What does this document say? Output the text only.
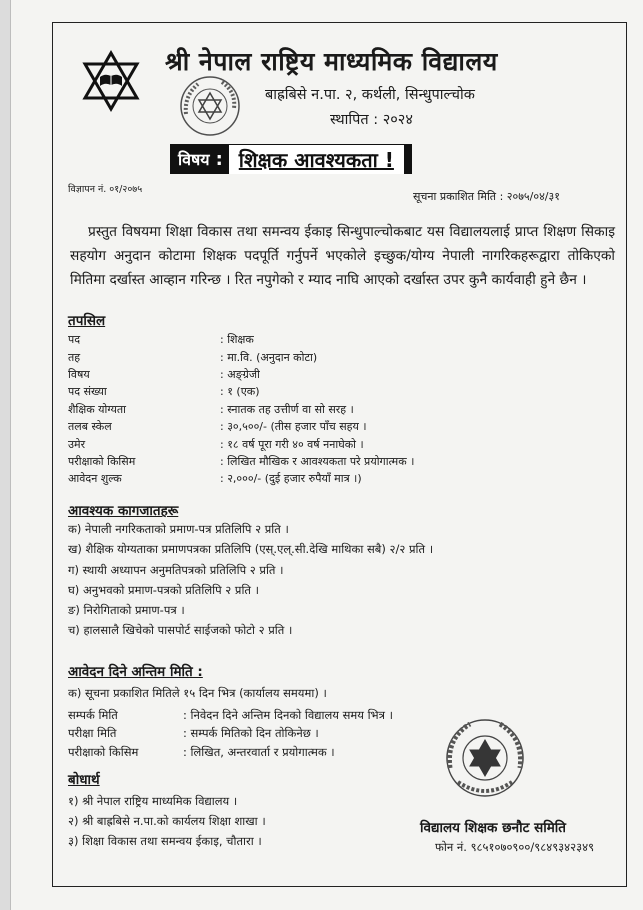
श्री नेपाल राष्ट्रिय माध्यमिक विद्यालय
बाह्रबिसे न.पा. २, कर्थली, सिन्धुपाल्चोक
स्थापित : २०२४
विषय : शिक्षक आवश्यकता !
विज्ञापन नं. ०१/२०७५
सूचना प्रकाशित मिति : २०७५/०४/३१
प्रस्तुत विषयमा शिक्षा विकास तथा समन्वय ईकाइ सिन्धुपाल्चोकबाट यस विद्यालयलाई प्राप्त शिक्षण सिकाइ सहयोग अनुदान कोटामा शिक्षक पदपूर्ति गर्नुपर्ने भएकोले इच्छुक/योग्य नेपाली नागरिकहरूद्वारा तोकिएको मितिमा दर्खास्त आव्हान गरिन्छ । रित नपुगेको र म्याद नाघि आएको दर्खास्त उपर कुनै कार्यवाही हुने छैन ।
तपसिल
पद	: शिक्षक
तह	: मा.वि. (अनुदान कोटा)
विषय	: अङ्ग्रेजी
पद संख्या	: १ (एक)
शैक्षिक योग्यता	: स्नातक तह उत्तीर्ण वा सो सरह ।
तलब स्केल	: ३०,५००/- (तीस हजार पाँच सहय ।
उमेर	: १८ वर्ष पूरा गरी ४० वर्ष ननाघेको ।
परीक्षाको किसिम	: लिखित मौखिक र आवश्यकता परे प्रयोगात्मक ।
आवेदन शुल्क	: २,०००/- (दुई हजार रुपैयाँ मात्र ।)
आवश्यक कागजातहरू
क) नेपाली नगरिकताको प्रमाण-पत्र प्रतिलिपि २ प्रति ।
ख) शैक्षिक योग्यताका प्रमाणपत्रका प्रतिलिपि (एस्.एल्.सी.देखि माथिका सबै) २/२ प्रति ।
ग) स्थायी अध्यापन अनुमतिपत्रको प्रतिलिपि २ प्रति ।
घ) अनुभवको प्रमाण-पत्रको प्रतिलिपि २ प्रति ।
ङ) निरोगिताको प्रमाण-पत्र ।
च) हालसालै खिचेको पासपोर्ट साईजको फोटो २ प्रति ।
आवेदन दिने अन्तिम मिति :
क) सूचना प्रकाशित मितिले १५ दिन भित्र (कार्यालय समयमा) ।
सम्पर्क मिति	: निवेदन दिने अन्तिम दिनको विद्यालय समय भित्र ।
परीक्षा मिति	: सम्पर्क मितिको दिन तोकिनेछ ।
परीक्षाको किसिम	: लिखित, अन्तरवार्ता र प्रयोगात्मक ।
बोधार्थ
१) श्री नेपाल राष्ट्रिय माध्यमिक विद्यालय ।
२) श्री बाह्रबिसे न.पा.को कार्यलय शिक्षा शाखा ।
३) शिक्षा विकास तथा समन्वय ईकाइ, चौतारा ।
विद्यालय शिक्षक छनौट समिति
फोन नं. ९८५१०७०९००/९८४९३४२३४९
